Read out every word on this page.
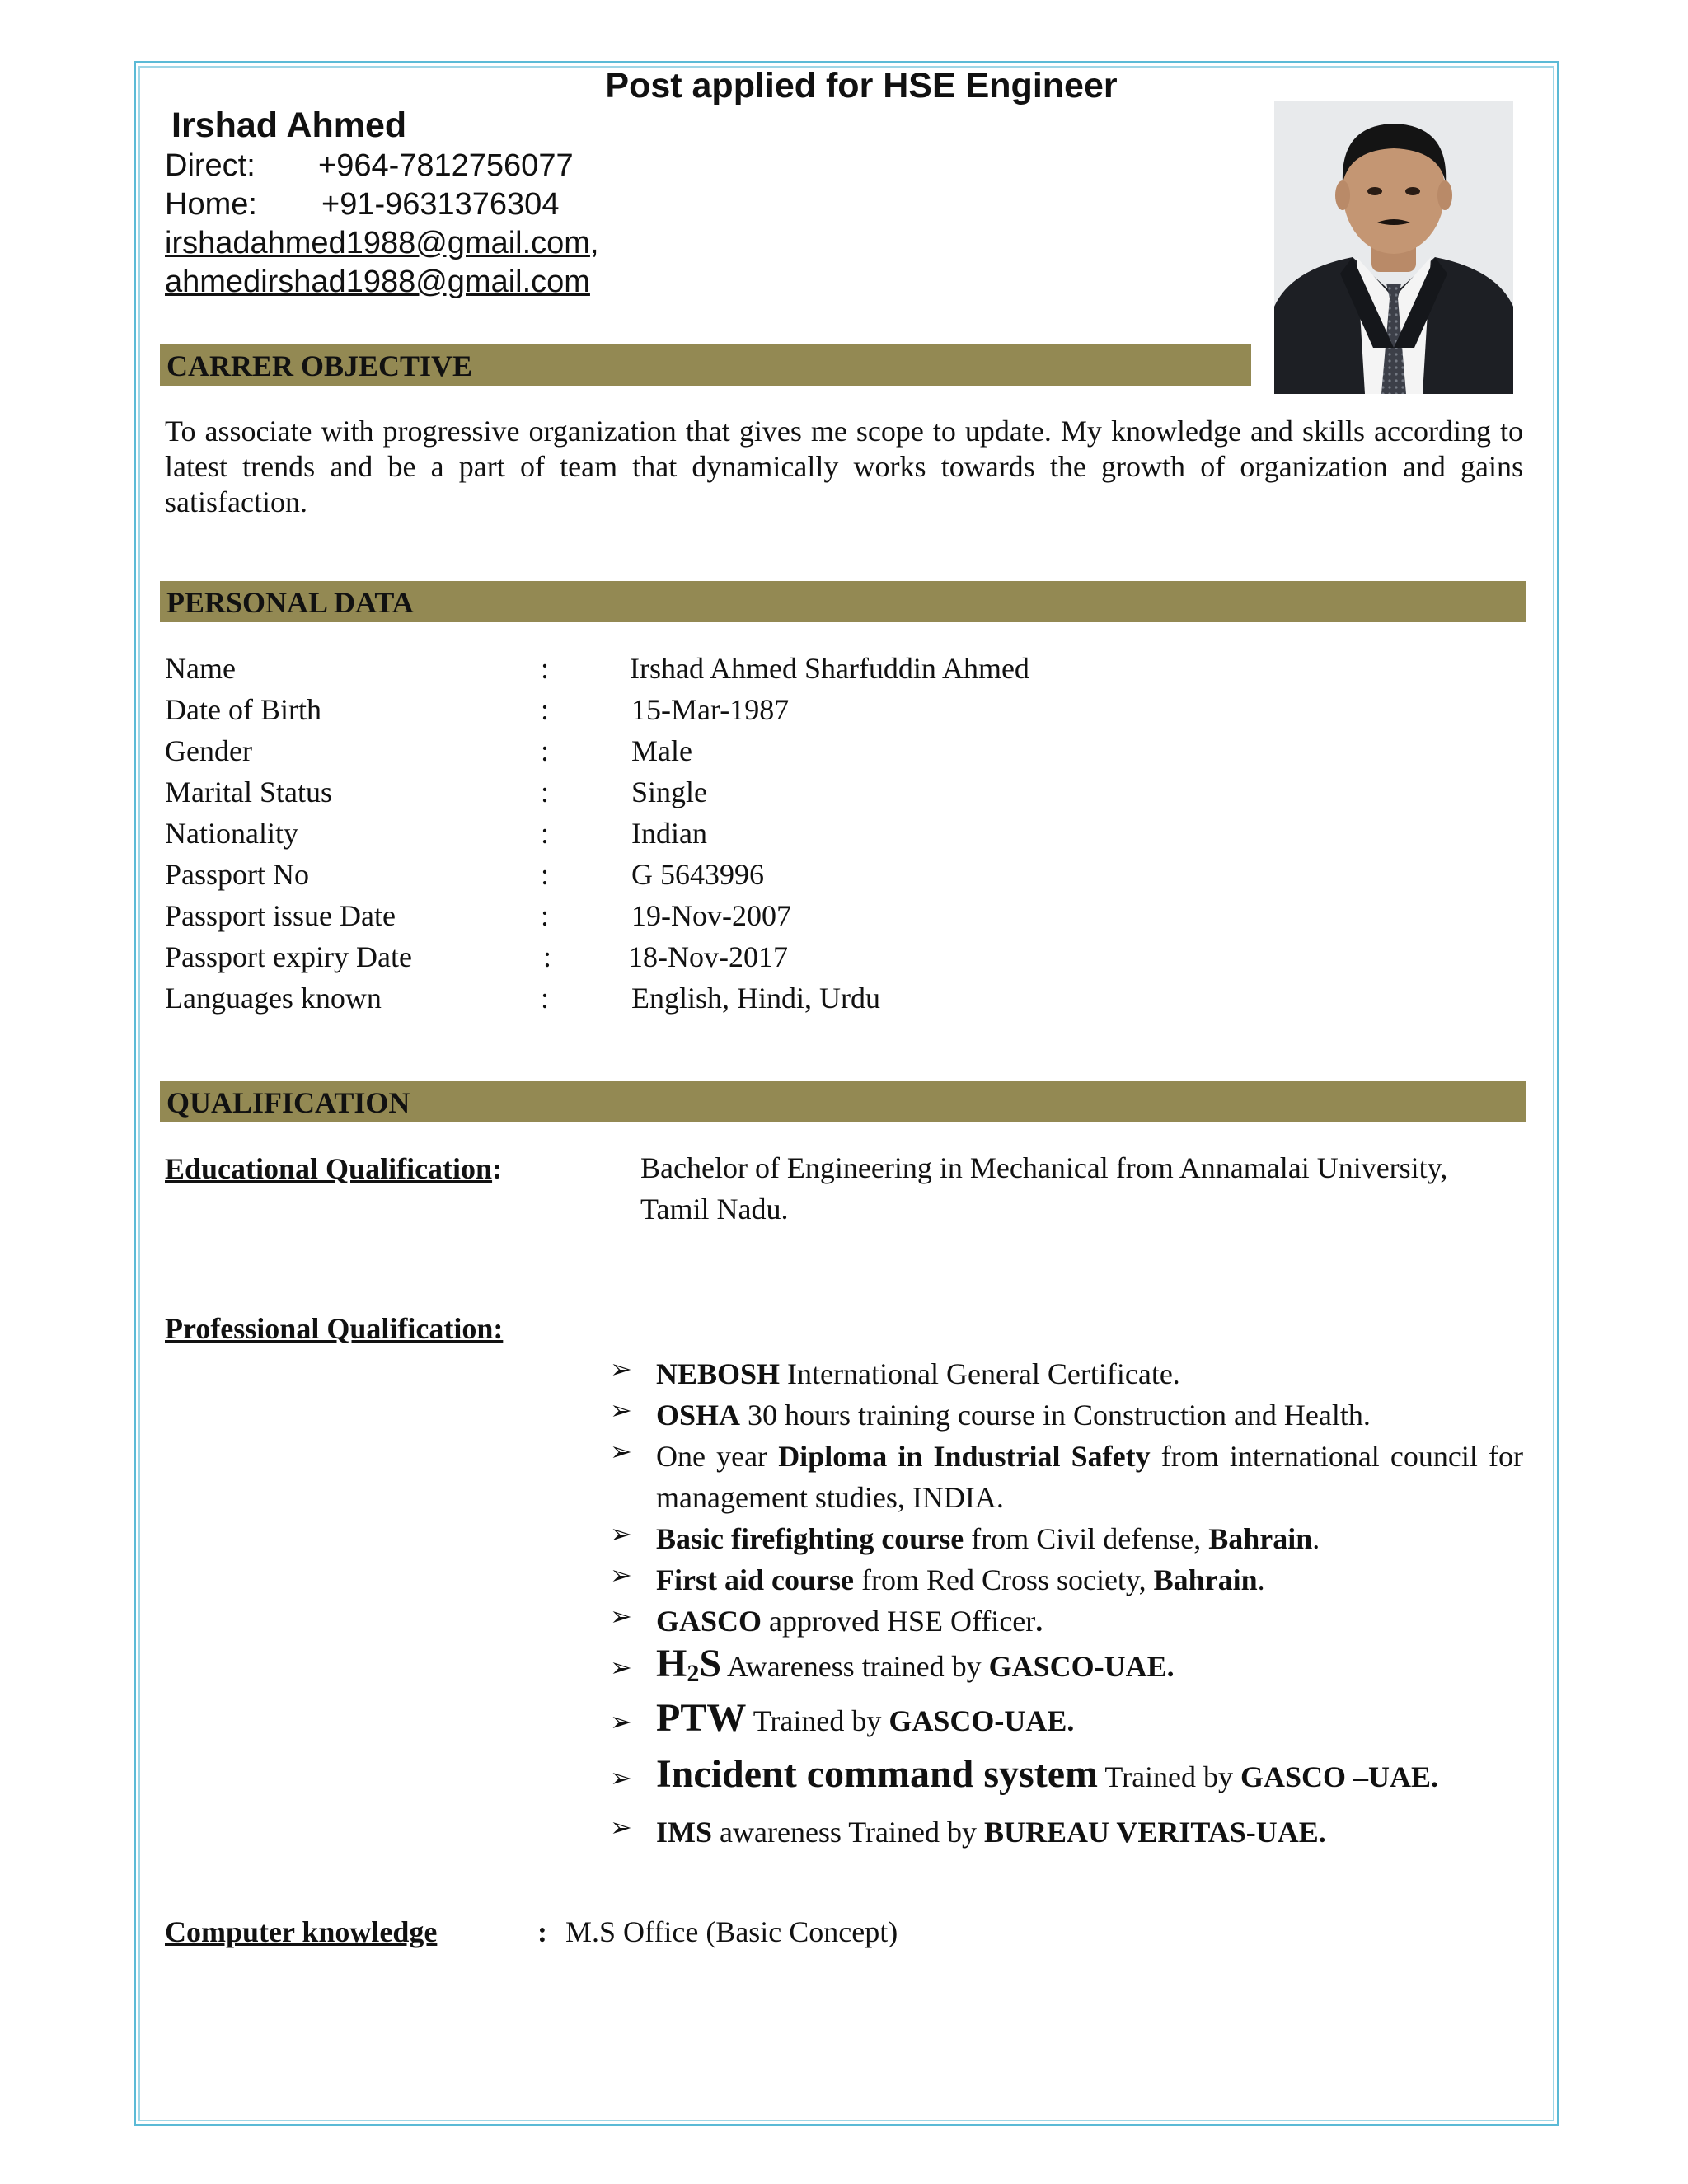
Post applied for HSE Engineer
Irshad Ahmed
Direct: +964-7812756077
Home: +91-9631376304
irshadahmed1988@gmail.com,
ahmedirshad1988@gmail.com
CARRER OBJECTIVE
To associate with progressive organization that gives me scope to update. My knowledge and skills according to latest trends and be a part of team that dynamically works towards the growth of organization and gains satisfaction.
PERSONAL DATA
Name	:	Irshad Ahmed Sharfuddin Ahmed
Date of Birth	:	15-Mar-1987
Gender	:	Male
Marital Status	:	Single
Nationality	:	Indian
Passport No	:	G 5643996
Passport issue Date	:	19-Nov-2007
Passport expiry Date	:	18-Nov-2017
Languages known	:	English, Hindi, Urdu
QUALIFICATION
Educational Qualification:	Bachelor of Engineering in Mechanical from Annamalai University, Tamil Nadu.
Professional Qualification:
➢ NEBOSH International General Certificate.
➢ OSHA 30 hours training course in Construction and Health.
➢ One year Diploma in Industrial Safety from international council for management studies, INDIA.
➢ Basic firefighting course from Civil defense, Bahrain.
➢ First aid course from Red Cross society, Bahrain.
➢ GASCO approved HSE Officer.
➢ H2S Awareness trained by GASCO-UAE.
➢ PTW Trained by GASCO-UAE.
➢ Incident command system Trained by GASCO –UAE.
➢ IMS awareness Trained by BUREAU VERITAS-UAE.
Computer knowledge	: M.S Office (Basic Concept)
